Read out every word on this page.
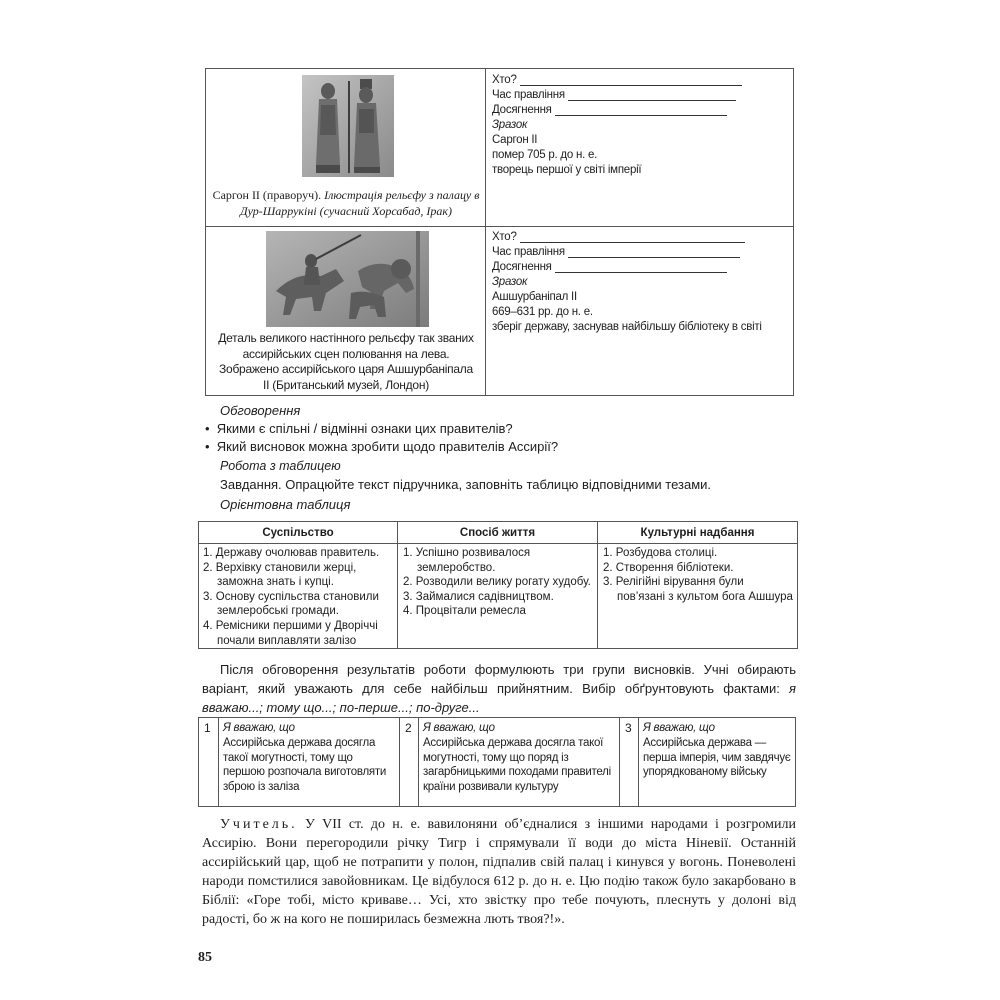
Саргон ІІ (праворуч). Ілюстрація рельєфу з палацу в Дур-Шаррукіні (сучасний Хорсабад, Ірак)
Хто?
Час правління
Досягнення
Зразок
Саргон ІІ
помер 705 р. до н. е.
творець першої у світі імперії
Деталь великого настінного рельєфу так званих ассирійських сцен полювання на лева. Зображено ассирійського царя Ашшурбаніпала ІІ (Британський музей, Лондон)
Хто?
Час правління
Досягнення
Зразок
Ашшурбаніпал ІІ
669–631 рр. до н. е.
зберіг державу, заснував найбільшу бібліотеку в світі
Обговорення
•  Якими є спільні / відмінні ознаки цих правителів?
•  Який висновок можна зробити щодо правителів Ассирії?
Робота з таблицею
Завдання. Опрацюйте текст підручника, заповніть таблицю відповідними тезами.
Орієнтовна таблиця
Суспільство	Спосіб життя	Культурні надбання
1. Державу очолював правитель.
2. Верхівку становили жерці, заможна знать і купці.
3. Основу суспільства становили землеробські громади.
4. Ремісники першими у Дворіччі почали виплавляти залізо
1. Успішно розвивалося землеробство.
2. Розводили велику рогату худобу.
3. Займалися садівництвом.
4. Процвітали ремесла
1. Розбудова столиці.
2. Створення бібліотеки.
3. Релігійні вірування були пов’язані з культом бога Ашшура
Після обговорення результатів роботи формулюють три групи висновків. Учні обирають варіант, який уважають для себе найбільш прийнятним. Вибір обґрунтовують фактами: я вважаю...; тому що...; по-перше...; по-друге...
1 Я вважаю, що
Ассирійська держава досягла такої могутності, тому що першою розпочала виготовляти зброю із заліза
2 Я вважаю, що
Ассирійська держава досягла такої могутності, тому що поряд із загарбницькими походами правителі країни розвивали культуру
3 Я вважаю, що
Ассирійська держава — перша імперія, чим завдячує упорядкованому війську
Учитель. У VII ст. до н. е. вавилоняни об’єдналися з іншими народами і розгромили Ассирію. Вони перегородили річку Тигр і спрямували її води до міста Ніневії. Останній ассирійський цар, щоб не потрапити у полон, підпалив свій палац і кинувся у вогонь. Поневолені народи помстилися завойовникам. Це відбулося 612 р. до н. е. Цю подію також було закарбовано в Біблії: «Горе тобі, місто криваве… Усі, хто звістку про тебе почують, плеснуть у долоні від радості, бо ж на кого не поширилась безмежна лють твоя?!».
85
